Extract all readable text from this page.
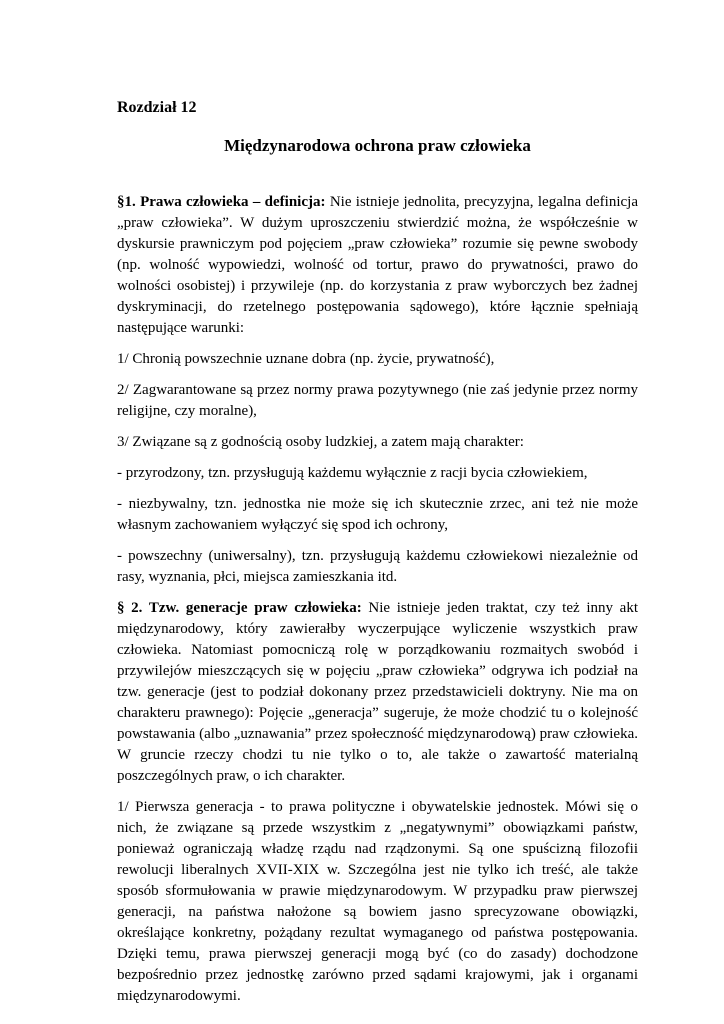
Rozdział 12

Międzynarodowa ochrona praw człowieka

§1. Prawa człowieka – definicja: Nie istnieje jednolita, precyzyjna, legalna definicja „praw człowieka”. W dużym uproszczeniu stwierdzić można, że współcześnie w dyskursie prawniczym pod pojęciem „praw człowieka” rozumie się pewne swobody (np. wolność wypowiedzi, wolność od tortur, prawo do prywatności, prawo do wolności osobistej) i przywileje (np. do korzystania z praw wyborczych bez żadnej dyskryminacji, do rzetelnego postępowania sądowego), które łącznie spełniają następujące warunki:

1/ Chronią powszechnie uznane dobra (np. życie, prywatność),

2/ Zagwarantowane są przez normy prawa pozytywnego (nie zaś jedynie przez normy religijne, czy moralne),

3/ Związane są z godnością osoby ludzkiej, a zatem mają charakter:

- przyrodzony, tzn. przysługują każdemu wyłącznie z racji bycia człowiekiem,

- niezbywalny, tzn. jednostka nie może się ich skutecznie zrzec, ani też nie może własnym zachowaniem wyłączyć się spod ich ochrony,

- powszechny (uniwersalny), tzn. przysługują każdemu człowiekowi niezależnie od rasy, wyznania, płci, miejsca zamieszkania itd.

§ 2. Tzw. generacje praw człowieka: Nie istnieje jeden traktat, czy też inny akt międzynarodowy, który zawierałby wyczerpujące wyliczenie wszystkich praw człowieka. Natomiast pomocniczą rolę w porządkowaniu rozmaitych swobód i przywilejów mieszczących się w pojęciu „praw człowieka” odgrywa ich podział na tzw. generacje (jest to podział dokonany przez przedstawicieli doktryny. Nie ma on charakteru prawnego): Pojęcie „generacja” sugeruje, że może chodzić tu o kolejność powstawania (albo „uznawania” przez społeczność międzynarodową) praw człowieka. W gruncie rzeczy chodzi tu nie tylko o to, ale także o zawartość materialną poszczególnych praw, o ich charakter.

1/ Pierwsza generacja - to prawa polityczne i obywatelskie jednostek. Mówi się o nich, że związane są przede wszystkim z „negatywnymi” obowiązkami państw, ponieważ ograniczają władzę rządu nad rządzonymi. Są one spuścizną filozofii rewolucji liberalnych XVII-XIX w. Szczególna jest nie tylko ich treść, ale także sposób sformułowania w prawie międzynarodowym. W przypadku praw pierwszej generacji, na państwa nałożone są bowiem jasno sprecyzowane obowiązki, określające konkretny, pożądany rezultat wymaganego od państwa postępowania. Dzięki temu, prawa pierwszej generacji mogą być (co do zasady) dochodzone bezpośrednio przez jednostkę zarówno przed sądami krajowymi, jak i organami międzynarodowymi.
